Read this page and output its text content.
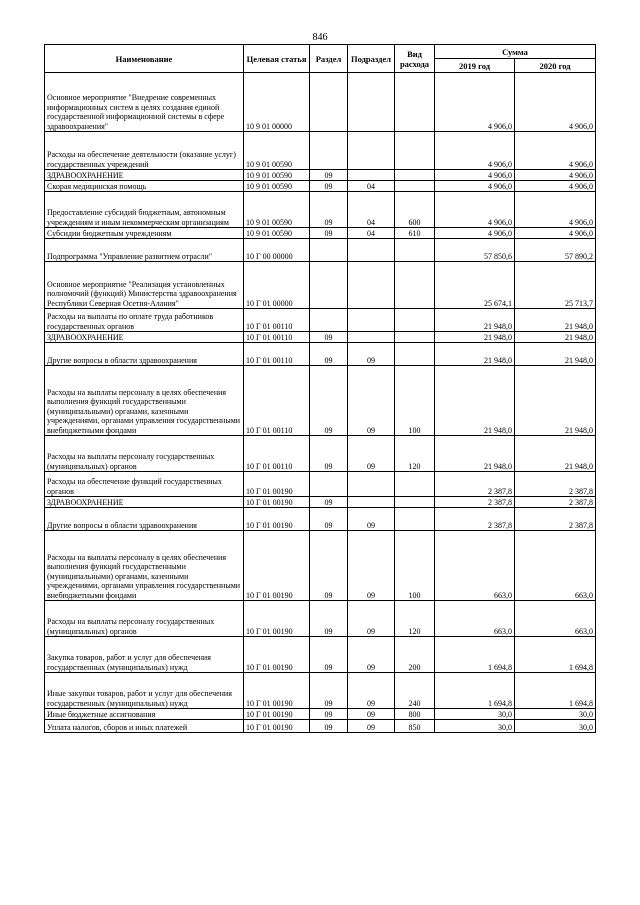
846
Наименование	Целевая статья	Раздел	Подраздел	Вид расхода	Сумма	
					2019 год	2020 год
Основное мероприятие "Внедрение современных информационных систем в целях создания единой государственной информационной системы в сфере здравоохранения"	10 9 01 00000				4 906,0	4 906,0
Расходы на обеспечение деятельности (оказание услуг) государственных учреждений	10 9 01 00590				4 906,0	4 906,0
ЗДРАВООХРАНЕНИЕ	10 9 01 00590	09			4 906,0	4 906,0
Скорая медицинская помощь	10 9 01 00590	09	04		4 906,0	4 906,0
Предоставление субсидий бюджетным, автономным учреждениям и иным некоммерческим организациям	10 9 01 00590	09	04	600	4 906,0	4 906,0
Субсидии бюджетным учреждениям	10 9 01 00590	09	04	610	4 906,0	4 906,0
Подпрограмма "Управление развитием отрасли"	10 Г 00 00000				57 850,6	57 890,2
Основное мероприятие "Реализация установленных полномочий (функций) Министерства здравоохранения Республики Северная Осетия-Алания"	10 Г 01 00000				25 674,1	25 713,7
Расходы на выплаты по оплате труда работников государственных органов	10 Г 01 00110				21 948,0	21 948,0
ЗДРАВООХРАНЕНИЕ	10 Г 01 00110	09			21 948,0	21 948,0
Другие вопросы в области здравоохранения	10 Г 01 00110	09	09		21 948,0	21 948,0
Расходы на выплаты персоналу в целях обеспечения выполнения функций государственными (муниципальными) органами, казенными учреждениями, органами управления государственными внебюджетными фондами	10 Г 01 00110	09	09	100	21 948,0	21 948,0
Расходы на выплаты персоналу государственных (муниципальных) органов	10 Г 01 00110	09	09	120	21 948,0	21 948,0
Расходы на обеспечение функций государственных органов	10 Г 01 00190				2 387,8	2 387,8
ЗДРАВООХРАНЕНИЕ	10 Г 01 00190	09			2 387,8	2 387,8
Другие вопросы в области здравоохранения	10 Г 01 00190	09	09		2 387,8	2 387,8
Расходы на выплаты персоналу в целях обеспечения выполнения функций государственными (муниципальными) органами, казенными учреждениями, органами управления государственными внебюджетными фондами	10 Г 01 00190	09	09	100	663,0	663,0
Расходы на выплаты персоналу государственных (муниципальных) органов	10 Г 01 00190	09	09	120	663,0	663,0
Закупка товаров, работ и услуг для обеспечения государственных (муниципальных) нужд	10 Г 01 00190	09	09	200	1 694,8	1 694,8
Иные закупки товаров, работ и услуг для обеспечения государственных (муниципальных) нужд	10 Г 01 00190	09	09	240	1 694,8	1 694,8
Иные бюджетные ассигнования	10 Г 01 00190	09	09	800	30,0	30,0
Уплата налогов, сборов и иных платежей	10 Г 01 00190	09	09	850	30,0	30,0
